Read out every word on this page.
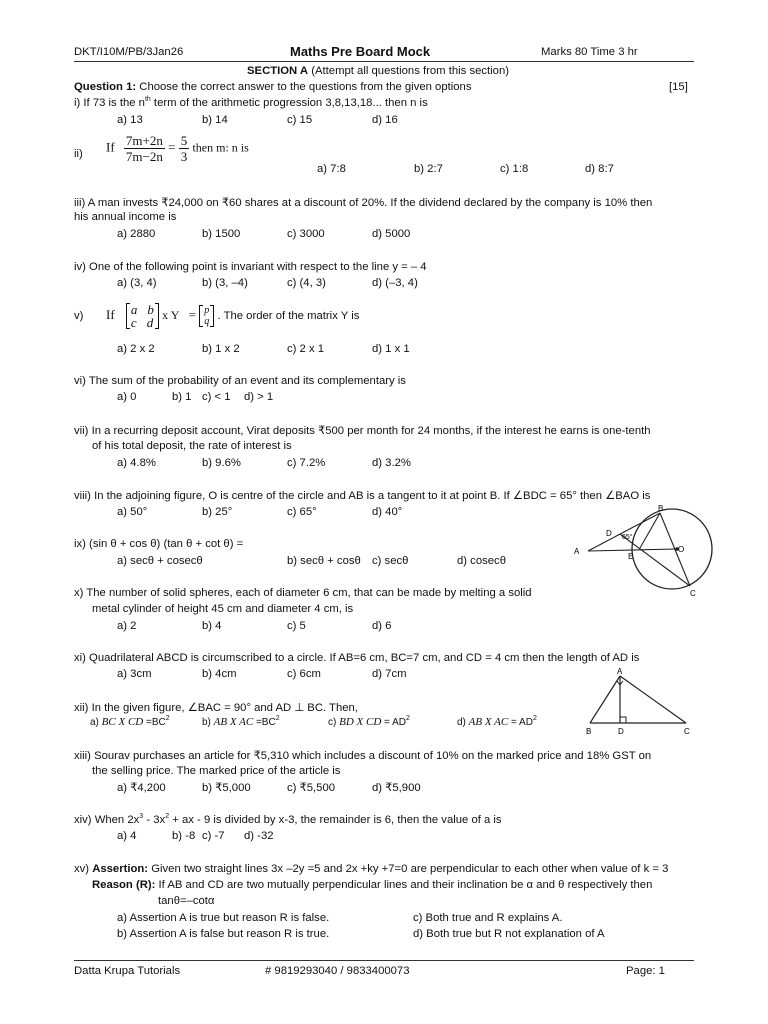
DKT/I10M/PB/3Jan26	Maths Pre Board Mock	Marks 80 Time 3 hr
SECTION A (Attempt all questions from this section)
Question 1: Choose the correct answer to the questions from the given options	[15]
i) If 73 is the $n^{th}$ term of the arithmetic progression 3,8,13,18... then n is
a) 13	b) 14	c) 15	d) 16
ii) If $\frac{7m+2n}{7m-2n} = \frac{5}{3}$ then m: n is
a) 7:8	b) 2:7	c) 1:8	d) 8:7
iii) A man invests ₹24,000 on ₹60 shares at a discount of 20%. If the dividend declared by the company is 10% then
his annual income is
a) 2880	b) 1500	c) 3000	d) 5000
iv) One of the following point is invariant with respect to the line y = – 4
a) (3, 4)	b) (3, –4)	c) (4, 3)	d) (–3, 4)
v) If a b
c d
x Y = p
q . The order of the matrix Y is
a) 2 x 2	b) 1 x 2	c) 2 x 1	d) 1 x 1
vi) The sum of the probability of an event and its complementary is
a) 0	b) 1 c) < 1 d) > 1
vii) In a recurring deposit account, Virat deposits ₹500 per month for 24 months, if the interest he earns is one-tenth
of his total deposit, the rate of interest is
a) 4.8%	b) 9.6%	c) 7.2%	d) 3.2%
viii) In the adjoining figure, O is centre of the circle and AB is a tangent to it at point B. If ∠BDC = 65° then ∠BAO is
a) 50°	b) 25°	c) 65°	d) 40°
A
B
C
D
E
O
65°
ix) (sin θ + cos θ) (tan θ + cot θ) =
a) secθ + cosecθ	b) secθ + cosθ c) secθ	d) cosecθ
x) The number of solid spheres, each of diameter 6 cm, that can be made by melting a solid
metal cylinder of height 45 cm and diameter 4 cm, is
a) 2	b) 4	c) 5	d) 6
xi) Quadrilateral ABCD is circumscribed to a circle. If AB=6 cm, BC=7 cm, and CD = 4 cm then the length of AD is
a) 3cm	b) 4cm	c) 6cm	d) 7cm	A
B	C
D
xii) In the given figure, ∠BAC = 90° and AD ⊥ BC. Then,
a) BC X CD $=BC^2$	b) AB X AC $=BC^2$	c) BD X CD = $AD^2$	d) AB X AC = $AD^2$
xiii) Sourav purchases an article for ₹5,310 which includes a discount of 10% on the marked price and 18% GST on
the selling price. The marked price of the article is
a) ₹4,200	b) ₹5,000	c) ₹5,500	d) ₹5,900
xiv) When $2x^3 - 3x^2$ + ax - 9 is divided by x-3, the remainder is 6, then the value of a is
a) 4	b) -8 c) -7 d) -32
xv) Assertion: Given two straight lines 3x –2y =5 and 2x +ky +7=0 are perpendicular to each other when value of k = 3
Reason (R): If AB and CD are two mutually perpendicular lines and their inclination be α and θ respectively then
tanθ=–cotα
a) Assertion A is true but reason R is false.	c) Both true and R explains A.
b) Assertion A is false but reason R is true.	d) Both true but R not explanation of A
Datta Krupa Tutorials	# 9819293040 / 9833400073	Page: 1
